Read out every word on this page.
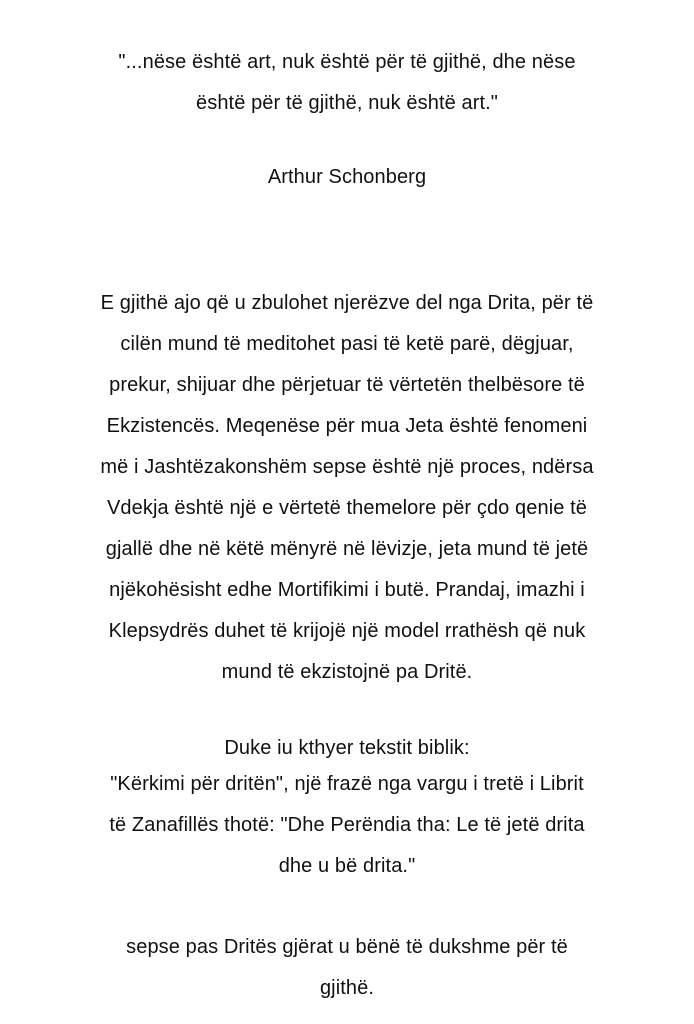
"...nëse është art, nuk është për të gjithë, dhe nëse
është për të gjithë, nuk është art."
Arthur Schonberg
E gjithë ajo që u zbulohet njerëzve del nga Drita, për të
cilën mund të meditohet pasi të ketë parë, dëgjuar,
prekur, shijuar dhe përjetuar të vërtetën thelbësore të
Ekzistencës. Meqenëse për mua Jeta është fenomeni
më i Jashtëzakonshëm sepse është një proces, ndërsa
Vdekja është një e vërtetë themelore për çdo qenie të
gjallë dhe në këtë mënyrë në lëvizje, jeta mund të jetë
njëkohësisht edhe Mortifikimi i butë. Prandaj, imazhi i
Klepsydrës duhet të krijojë një model rrathësh që nuk
mund të ekzistojnë pa Dritë.
Duke iu kthyer tekstit biblik:
"Kërkimi për dritën", një frazë nga vargu i tretë i Librit
të Zanafillës thotë: "Dhe Perëndia tha: Le të jetë drita
dhe u bë drita."
sepse pas Dritës gjërat u bënë të dukshme për të
gjithë.
